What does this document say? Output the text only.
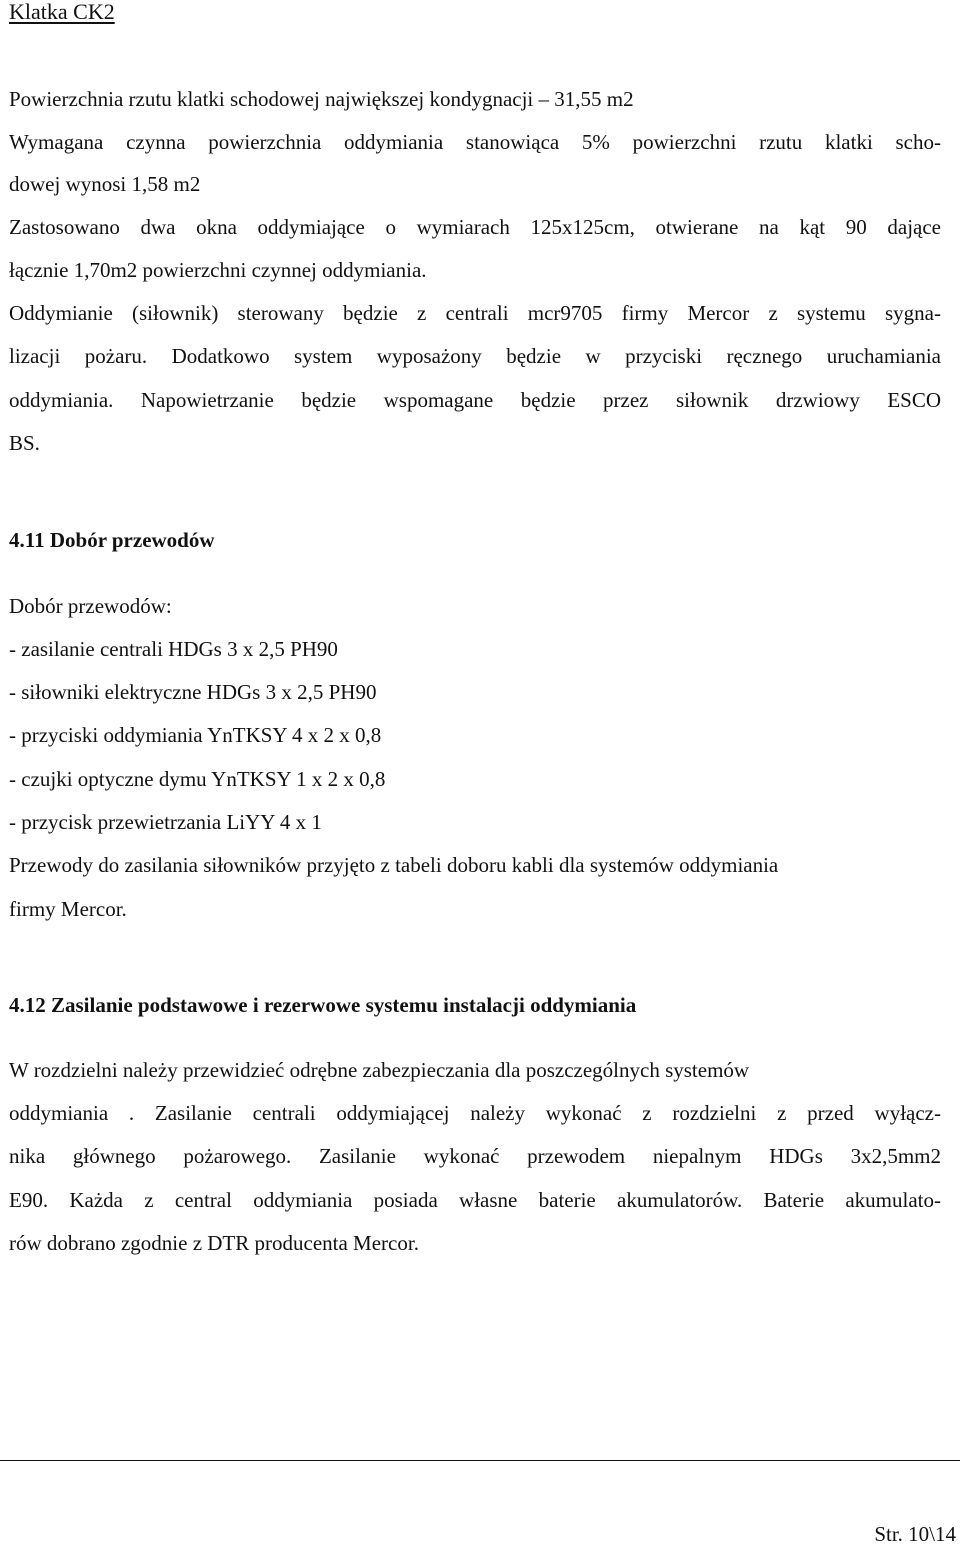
Klatka CK2
Powierzchnia rzutu klatki schodowej największej kondygnacji – 31,55 m2
Wymagana czynna powierzchnia oddymiania stanowiąca 5% powierzchni rzutu klatki scho-
dowej wynosi 1,58 m2
Zastosowano dwa okna oddymiające o wymiarach 125x125cm, otwierane na kąt 90 dające
łącznie 1,70m2 powierzchni czynnej oddymiania.
Oddymianie (siłownik) sterowany będzie z centrali mcr9705 firmy Mercor z systemu sygna-
lizacji pożaru. Dodatkowo system wyposażony będzie w przyciski ręcznego uruchamiania
oddymiania. Napowietrzanie będzie wspomagane będzie przez siłownik drzwiowy ESCO
BS.
4.11 Dobór przewodów
Dobór przewodów:
- zasilanie centrali HDGs 3 x 2,5 PH90
- siłowniki elektryczne HDGs 3 x 2,5 PH90
- przyciski oddymiania YnTKSY 4 x 2 x 0,8
- czujki optyczne dymu YnTKSY 1 x 2 x 0,8
- przycisk przewietrzania LiYY 4 x 1
Przewody do zasilania siłowników przyjęto z tabeli doboru kabli dla systemów oddymiania
firmy Mercor.
4.12 Zasilanie podstawowe i rezerwowe systemu instalacji oddymiania
W rozdzielni należy przewidzieć odrębne zabezpieczania dla poszczególnych systemów
oddymiania . Zasilanie centrali oddymiającej należy wykonać z rozdzielni z przed wyłącz-
nika głównego pożarowego. Zasilanie wykonać przewodem niepalnym HDGs 3x2,5mm2
E90. Każda z central oddymiania posiada własne baterie akumulatorów. Baterie akumulato-
rów dobrano zgodnie z DTR producenta Mercor.
Str. 10\14
